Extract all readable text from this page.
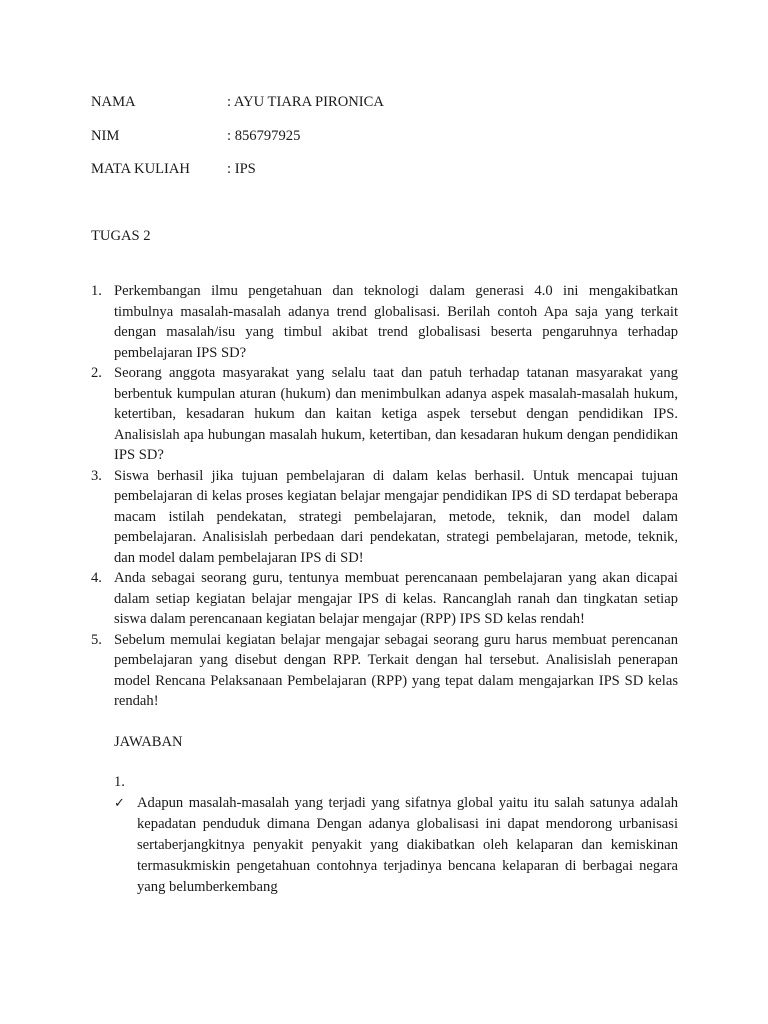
NAMA	: AYU TIARA PIRONICA
NIM	: 856797925
MATA KULIAH	: IPS
TUGAS 2
1. Perkembangan ilmu pengetahuan dan teknologi dalam generasi 4.0 ini mengakibatkan timbulnya masalah-masalah adanya trend globalisasi. Berilah contoh Apa saja yang terkait dengan masalah/isu yang timbul akibat trend globalisasi beserta pengaruhnya terhadap pembelajaran IPS SD?
2. Seorang anggota masyarakat yang selalu taat dan patuh terhadap tatanan masyarakat yang berbentuk kumpulan aturan (hukum) dan menimbulkan adanya aspek masalah-masalah hukum, ketertiban, kesadaran hukum dan kaitan ketiga aspek tersebut dengan pendidikan IPS. Analisislah apa hubungan masalah hukum, ketertiban, dan kesadaran hukum dengan pendidikan IPS SD?
3. Siswa berhasil jika tujuan pembelajaran di dalam kelas berhasil. Untuk mencapai tujuan pembelajaran di kelas proses kegiatan belajar mengajar pendidikan IPS di SD terdapat beberapa macam istilah pendekatan, strategi pembelajaran, metode, teknik, dan model dalam pembelajaran. Analisislah perbedaan dari pendekatan, strategi pembelajaran, metode, teknik, dan model dalam pembelajaran IPS di SD!
4. Anda sebagai seorang guru, tentunya membuat perencanaan pembelajaran yang akan dicapai dalam setiap kegiatan belajar mengajar IPS di kelas. Rancanglah ranah dan tingkatan setiap siswa dalam perencanaan kegiatan belajar mengajar (RPP) IPS SD kelas rendah!
5. Sebelum memulai kegiatan belajar mengajar sebagai seorang guru harus membuat perencanan pembelajaran yang disebut dengan RPP. Terkait dengan hal tersebut. Analisislah penerapan model Rencana Pelaksanaan Pembelajaran (RPP) yang tepat dalam mengajarkan IPS SD kelas rendah!
JAWABAN
1.
✓ Adapun masalah-masalah yang terjadi yang sifatnya global yaitu itu salah satunya adalah kepadatan penduduk dimana Dengan adanya globalisasi ini dapat mendorong urbanisasi sertaberjangkitnya penyakit penyakit yang diakibatkan oleh kelaparan dan kemiskinan termasukmiskin pengetahuan contohnya terjadinya bencana kelaparan di berbagai negara yang belumberkembang
